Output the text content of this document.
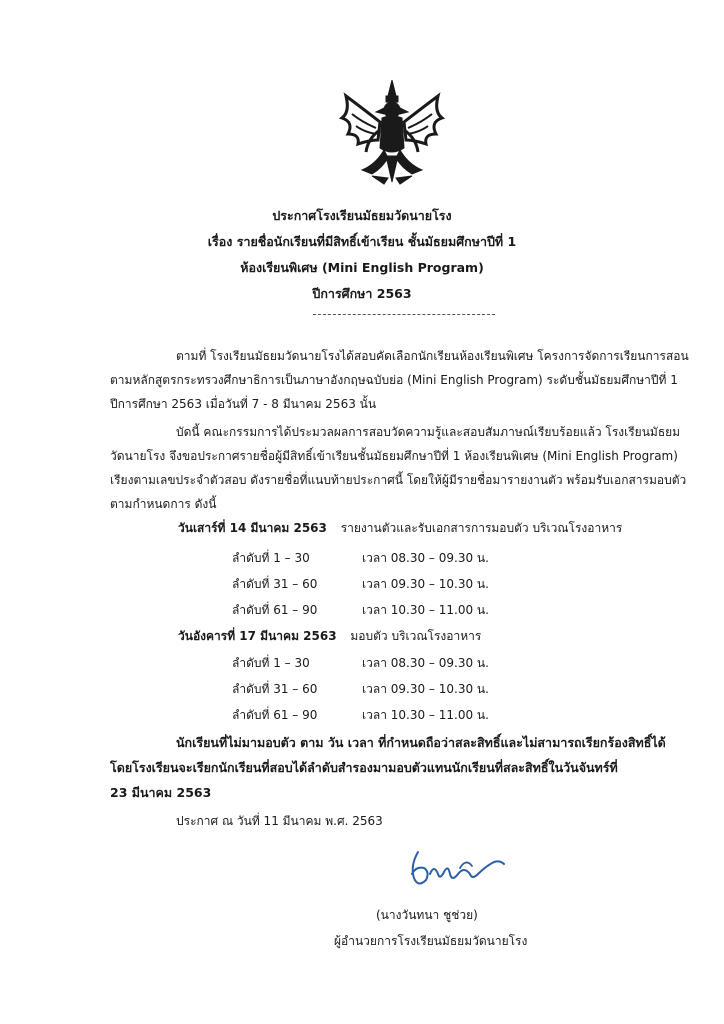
ประกาศโรงเรียนมัธยมวัดนายโรง
เรื่อง รายชื่อนักเรียนที่มีสิทธิ์เข้าเรียน ชั้นมัธยมศึกษาปีที่ 1
ห้องเรียนพิเศษ (Mini English Program)
ปีการศึกษา 2563
ตามที่ โรงเรียนมัธยมวัดนายโรงได้สอบคัดเลือกนักเรียนห้องเรียนพิเศษ โครงการจัดการเรียนการสอน
ตามหลักสูตรกระทรวงศึกษาธิการเป็นภาษาอังกฤษฉบับย่อ (Mini English Program) ระดับชั้นมัธยมศึกษาปีที่ 1
ปีการศึกษา 2563 เมื่อวันที่ 7 - 8 มีนาคม 2563 นั้น
บัดนี้ คณะกรรมการได้ประมวลผลการสอบวัดความรู้และสอบสัมภาษณ์เรียบร้อยแล้ว โรงเรียนมัธยม
วัดนายโรง จึงขอประกาศรายชื่อผู้มีสิทธิ์เข้าเรียนชั้นมัธยมศึกษาปีที่ 1 ห้องเรียนพิเศษ (Mini English Program)
เรียงตามเลขประจำตัวสอบ ดังรายชื่อที่แนบท้ายประกาศนี้ โดยให้ผู้มีรายชื่อมารายงานตัว พร้อมรับเอกสารมอบตัว
ตามกำหนดการ ดังนี้
วันเสาร์ที่ 14 มีนาคม 2563 รายงานตัวและรับเอกสารการมอบตัว บริเวณโรงอาหาร
ลำดับที่ 1 – 30	เวลา 08.30 – 09.30 น.
ลำดับที่ 31 – 60	เวลา 09.30 – 10.30 น.
ลำดับที่ 61 – 90	เวลา 10.30 – 11.00 น.
วันอังคารที่ 17 มีนาคม 2563 มอบตัว บริเวณโรงอาหาร
ลำดับที่ 1 – 30	เวลา 08.30 – 09.30 น.
ลำดับที่ 31 – 60	เวลา 09.30 – 10.30 น.
ลำดับที่ 61 – 90	เวลา 10.30 – 11.00 น.
นักเรียนที่ไม่มามอบตัว ตาม วัน เวลา ที่กำหนดถือว่าสละสิทธิ์และไม่สามารถเรียกร้องสิทธิ์ได้
โดยโรงเรียนจะเรียกนักเรียนที่สอบได้ลำดับสำรองมามอบตัวแทนนักเรียนที่สละสิทธิ์ในวันจันทร์ที่
23 มีนาคม 2563
ประกาศ ณ วันที่ 11 มีนาคม พ.ศ. 2563
(นางวันทนา ชูช่วย)
ผู้อำนวยการโรงเรียนมัธยมวัดนายโรง
